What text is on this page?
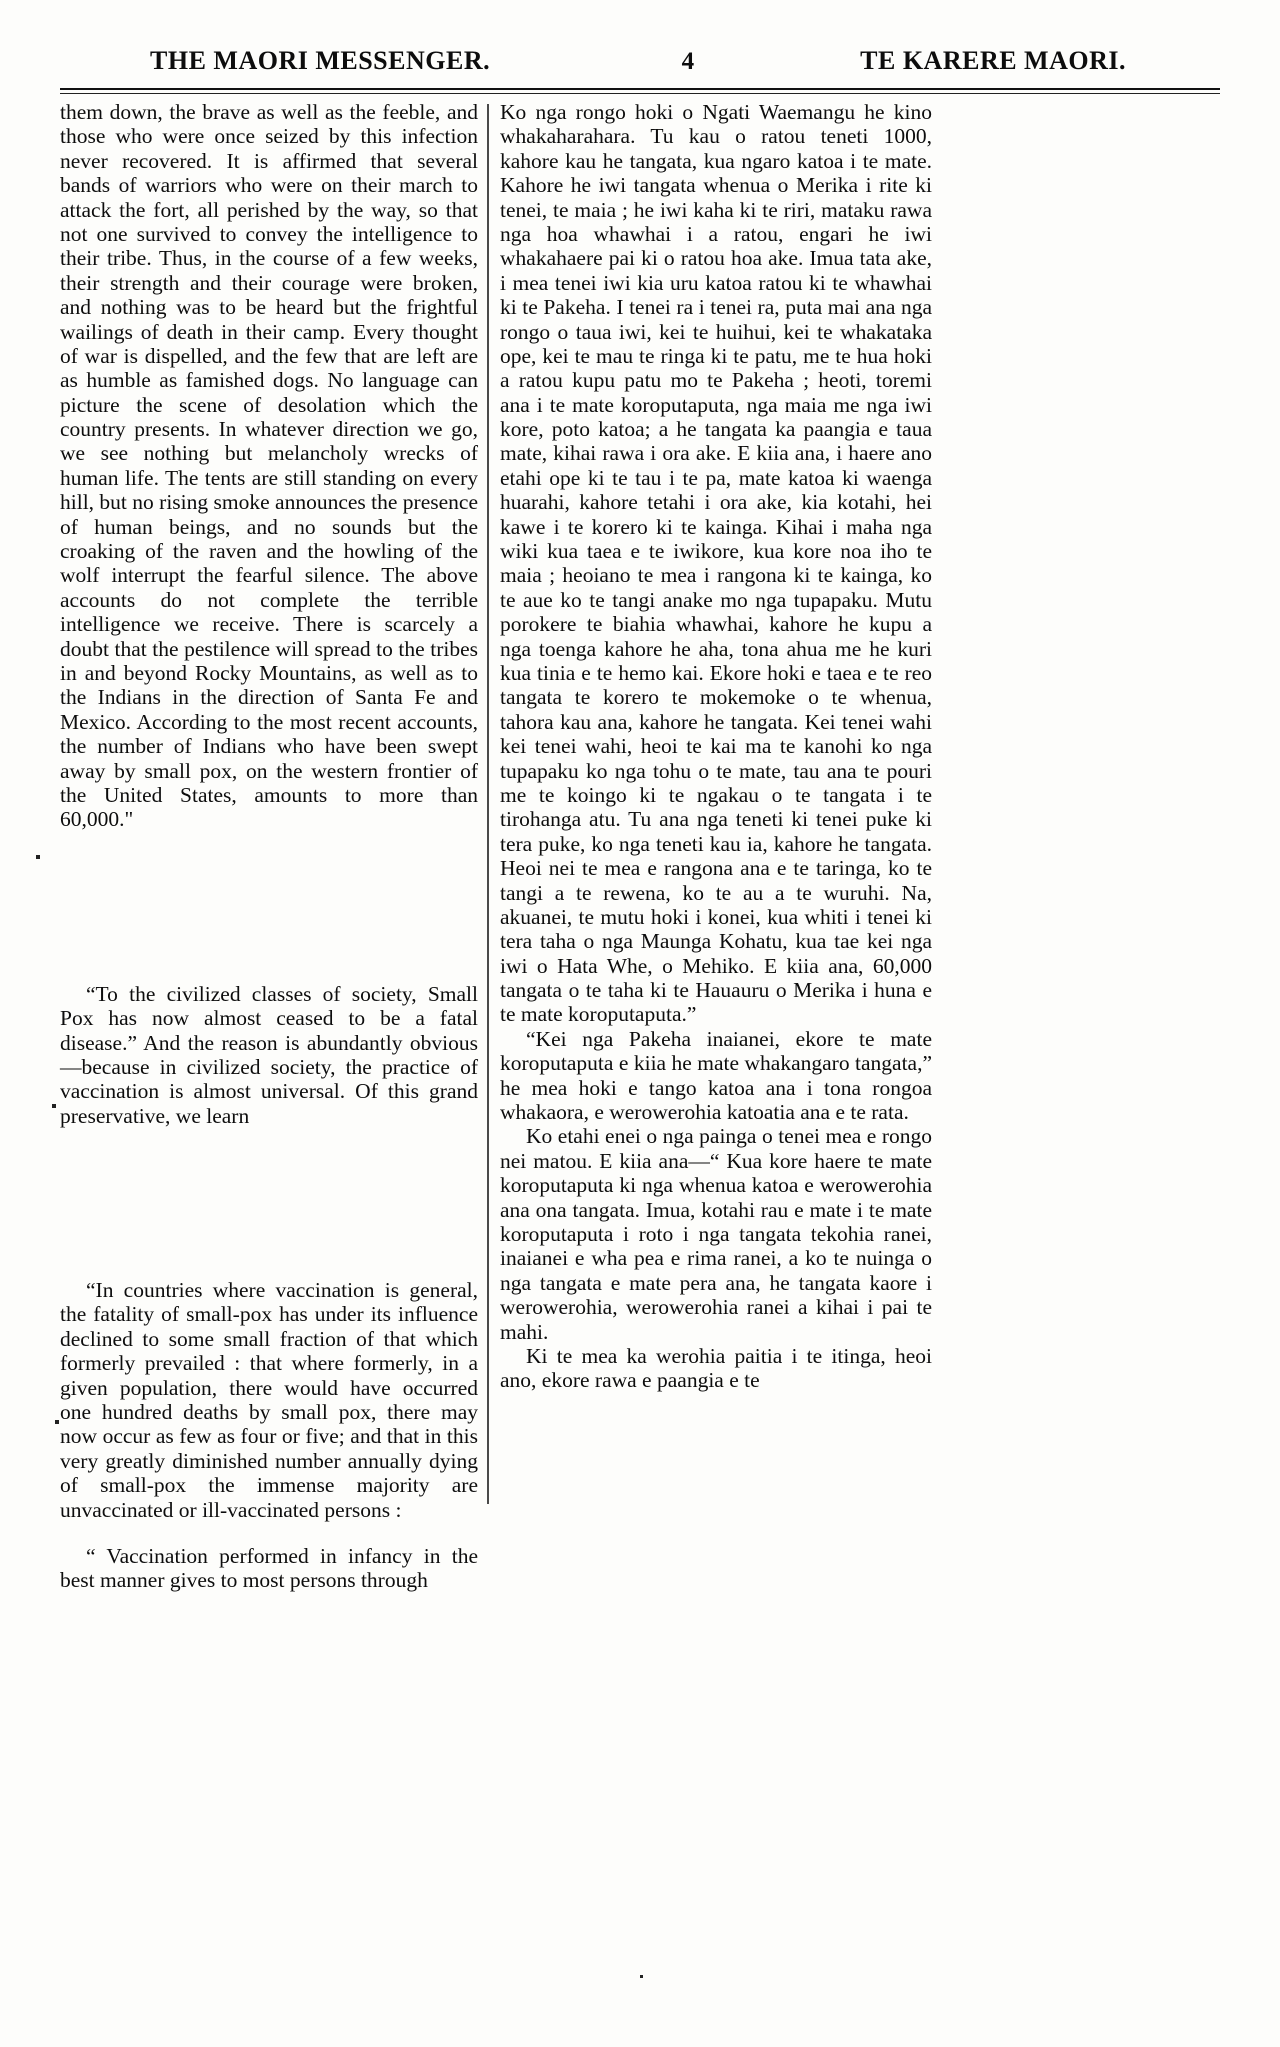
THE MAORI MESSENGER.	4	TE KARERE MAORI.

them down, the brave as well as the feeble, and those who were once seized by this infection never recovered. It is affirmed that several bands of warriors who were on their march to attack the fort, all perished by the way, so that not one survived to convey the intelligence to their tribe. Thus, in the course of a few weeks, their strength and their courage were broken, and nothing was to be heard but the frightful wailings of death in their camp. Every thought of war is dispelled, and the few that are left are as humble as famished dogs. No language can picture the scene of desolation which the country presents. In whatever direction we go, we see nothing but melancholy wrecks of human life. The tents are still standing on every hill, but no rising smoke announces the presence of human beings, and no sounds but the croaking of the raven and the howling of the wolf interrupt the fearful silence. The above accounts do not complete the terrible intelligence we receive. There is scarcely a doubt that the pestilence will spread to the tribes in and beyond Rocky Mountains, as well as to the Indians in the direction of Santa Fe and Mexico. According to the most recent accounts, the number of Indians who have been swept away by small pox, on the western frontier of the United States, amounts to more than 60,000."

“To the civilized classes of society, Small Pox has now almost ceased to be a fatal disease.” And the reason is abundantly obvious—because in civilized society, the practice of vaccination is almost universal. Of this grand preservative, we learn

“In countries where vaccination is general, the fatality of small-pox has under its influence declined to some small fraction of that which formerly prevailed : that where formerly, in a given population, there would have occurred one hundred deaths by small pox, there may now occur as few as four or five; and that in this very greatly diminished number annually dying of small-pox the immense majority are unvaccinated or ill-vaccinated persons :

“ Vaccination performed in infancy in the best manner gives to most persons through

Ko nga rongo hoki o Ngati Waemangu he kino whakaharahara. Tu kau o ratou teneti 1000, kahore kau he tangata, kua ngaro katoa i te mate. Kahore he iwi tangata whenua o Merika i rite ki tenei, te maia ; he iwi kaha ki te riri, mataku rawa nga hoa whawhai i a ratou, engari he iwi whakahaere pai ki o ratou hoa ake. Imua tata ake, i mea tenei iwi kia uru katoa ratou ki te whawhai ki te Pakeha. I tenei ra i tenei ra, puta mai ana nga rongo o taua iwi, kei te huihui, kei te whakataka ope, kei te mau te ringa ki te patu, me te hua hoki a ratou kupu patu mo te Pakeha ; heoti, toremi ana i te mate koroputaputa, nga maia me nga iwi kore, poto katoa; a he tangata ka paangia e taua mate, kihai rawa i ora ake. E kiia ana, i haere ano etahi ope ki te tau i te pa, mate katoa ki waenga huarahi, kahore tetahi i ora ake, kia kotahi, hei kawe i te korero ki te kainga. Kihai i maha nga wiki kua taea e te iwikore, kua kore noa iho te maia ; heoiano te mea i rangona ki te kainga, ko te aue ko te tangi anake mo nga tupapaku. Mutu porokere te biahia whawhai, kahore he kupu a nga toenga kahore he aha, tona ahua me he kuri kua tinia e te hemo kai. Ekore hoki e taea e te reo tangata te korero te mokemoke o te whenua, tahora kau ana, kahore he tangata. Kei tenei wahi kei tenei wahi, heoi te kai ma te kanohi ko nga tupapaku ko nga tohu o te mate, tau ana te pouri me te koingo ki te ngakau o te tangata i te tirohanga atu. Tu ana nga teneti ki tenei puke ki tera puke, ko nga teneti kau ia, kahore he tangata. Heoi nei te mea e rangona ana e te taringa, ko te tangi a te rewena, ko te au a te wuruhi. Na, akuanei, te mutu hoki i konei, kua whiti i tenei ki tera taha o nga Maunga Kohatu, kua tae kei nga iwi o Hata Whe, o Mehiko. E kiia ana, 60,000 tangata o te taha ki te Hauauru o Merika i huna e te mate koroputaputa.”

“Kei nga Pakeha inaianei, ekore te mate koroputaputa e kiia he mate whakangaro tangata,” he mea hoki e tango katoa ana i tona rongoa whakaora, e werowerohia katoatia ana e te rata.

Ko etahi enei o nga painga o tenei mea e rongo nei matou. E kiia ana—“ Kua kore haere te mate koroputaputa ki nga whenua katoa e werowerohia ana ona tangata. Imua, kotahi rau e mate i te mate koroputaputa i roto i nga tangata tekohia ranei, inaianei e wha pea e rima ranei, a ko te nuinga o nga tangata e mate pera ana, he tangata kaore i werowerohia, werowerohia ranei a kihai i pai te mahi.

Ki te mea ka werohia paitia i te itinga, heoi ano, ekore rawa e paangia e te
